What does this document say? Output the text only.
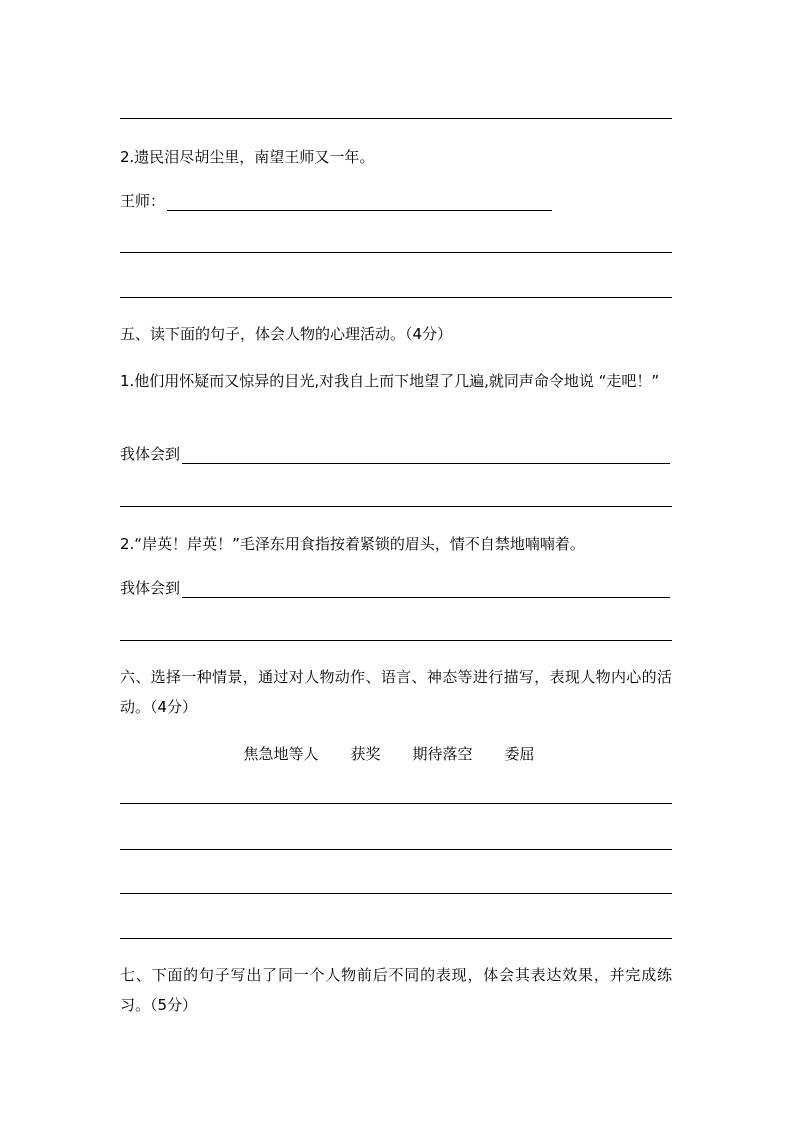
2.遗民泪尽胡尘里，南望王师又一年。
王师：
五、读下面的句子，体会人物的心理活动。（4分）
1.他们用怀疑而又惊异的目光,对我自上而下地望了几遍,就同声命令地说 “走吧！”
我体会到
2.“岸英！岸英！”毛泽东用食指按着紧锁的眉头，情不自禁地喃喃着。
我体会到
六、选择一种情景，通过对人物动作、语言、神态等进行描写，表现人物内心的活动。（4分）
焦急地等人 获奖 期待落空 委屈
七、下面的句子写出了同一个人物前后不同的表现，体会其表达效果，并完成练习。（5分）
